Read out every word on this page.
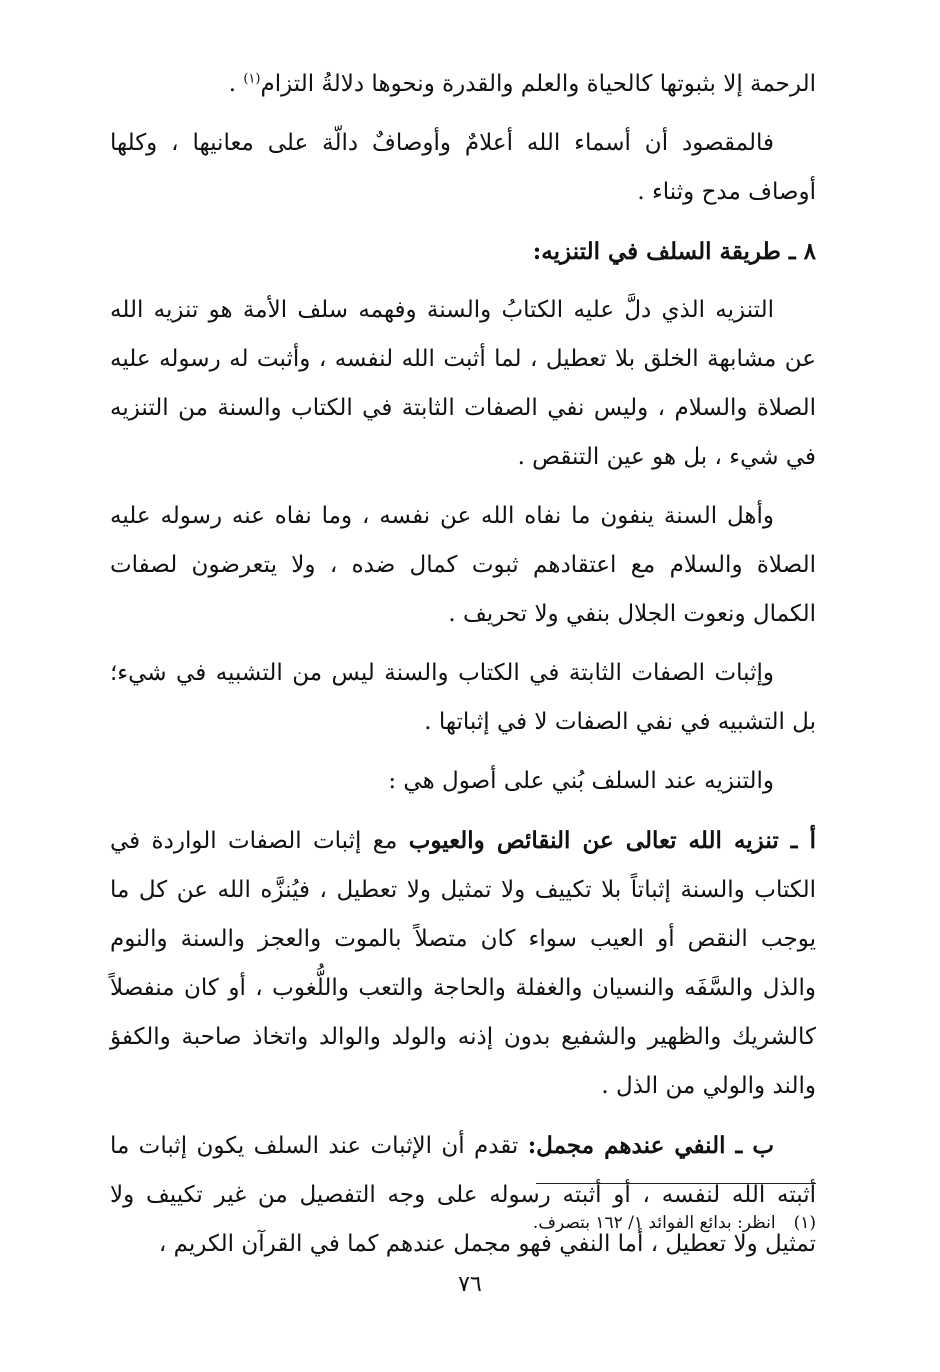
الرحمة إلا بثبوتها كالحياة والعلم والقدرة ونحوها دلالةُ التزام$^{(١)}$ .

فالمقصود أن أسماء الله أعلامٌ وأوصافٌ دالّة على معانيها ، وكلها أوصاف مدح وثناء .

٨ ـ طريقة السلف في التنزيه:

التنزيه الذي دلَّ عليه الكتابُ والسنة وفهمه سلف الأمة هو تنزيه الله عن مشابهة الخلق بلا تعطيل ، لما أثبت الله لنفسه ، وأثبت له رسوله عليه الصلاة والسلام ، وليس نفي الصفات الثابتة في الكتاب والسنة من التنزيه في شيء ، بل هو عين التنقص .

وأهل السنة ينفون ما نفاه الله عن نفسه ، وما نفاه عنه رسوله عليه الصلاة والسلام مع اعتقادهم ثبوت كمال ضده ، ولا يتعرضون لصفات الكمال ونعوت الجلال بنفي ولا تحريف .

وإثبات الصفات الثابتة في الكتاب والسنة ليس من التشبيه في شيء؛ بل التشبيه في نفي الصفات لا في إثباتها .

والتنزيه عند السلف بُني على أصول هي :

أ ـ تنزيه الله تعالى عن النقائص والعيوب مع إثبات الصفات الواردة في الكتاب والسنة إثباتاً بلا تكييف ولا تمثيل ولا تعطيل ، فيُنزَّه الله عن كل ما يوجب النقص أو العيب سواء كان متصلاً بالموت والعجز والسنة والنوم والذل والسَّفَه والنسيان والغفلة والحاجة والتعب واللُّغوب ، أو كان منفصلاً كالشريك والظهير والشفيع بدون إذنه والولد والوالد واتخاذ صاحبة والكفؤ والند والولي من الذل .

ب ـ النفي عندهم مجمل: تقدم أن الإثبات عند السلف يكون إثبات ما أثبته الله لنفسه ، أو أثبته رسوله على وجه التفصيل من غير تكييف ولا تمثيل ولا تعطيل ، أما النفي فهو مجمل عندهم كما في القرآن الكريم ،

(١)انظر: بدائع الفوائد ١/ ١٦٢ بتصرف.
٧٦
